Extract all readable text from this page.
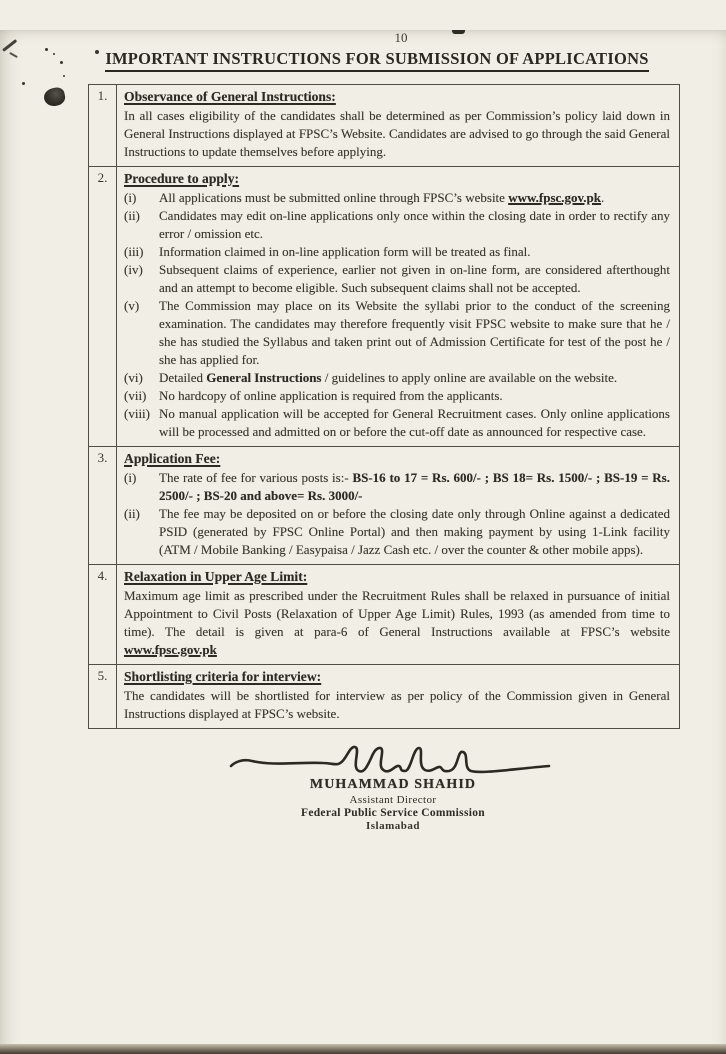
10
IMPORTANT INSTRUCTIONS FOR SUBMISSION OF APPLICATIONS
1.	Observance of General Instructions:

In all cases eligibility of the candidates shall be determined as per Commission’s policy laid down in General Instructions displayed at FPSC’s Website. Candidates are advised to go through the said General Instructions to update themselves before applying.

2.	Procedure to apply:
(i)	All applications must be submitted online through FPSC’s website www.fpsc.gov.pk.
(ii)	Candidates may edit on-line applications only once within the closing date in order to rectify any error / omission etc.
(iii)	Information claimed in on-line application form will be treated as final.
(iv)	Subsequent claims of experience, earlier not given in on-line form, are considered afterthought and an attempt to become eligible. Such subsequent claims shall not be accepted.
(v)	The Commission may place on its Website the syllabi prior to the conduct of the screening examination. The candidates may therefore frequently visit FPSC website to make sure that he / she has studied the Syllabus and taken print out of Admission Certificate for test of the post he / she has applied for.
(vi)	Detailed General Instructions / guidelines to apply online are available on the website.
(vii) No hardcopy of online application is required from the applicants.
(viii) No manual application will be accepted for General Recruitment cases. Only online applications will be processed and admitted on or before the cut-off date as announced for respective case.
3.	Application Fee:
(i)	The rate of fee for various posts is:- BS-16 to 17 = Rs. 600/- ; BS 18= Rs. 1500/- ; BS-19 = Rs. 2500/- ; BS-20 and above= Rs. 3000/-
(ii)	The fee may be deposited on or before the closing date only through Online against a dedicated PSID (generated by FPSC Online Portal) and then making payment by using 1-Link facility (ATM / Mobile Banking / Easypaisa / Jazz Cash etc. / over the counter & other mobile apps).
4.	Relaxation in Upper Age Limit:

Maximum age limit as prescribed under the Recruitment Rules shall be relaxed in pursuance of initial Appointment to Civil Posts (Relaxation of Upper Age Limit) Rules, 1993 (as amended from time to time). The detail is given at para-6 of General Instructions available at FPSC’s website www.fpsc.gov.pk

5.	Shortlisting criteria for interview:

The candidates will be shortlisted for interview as per policy of the Commission given in General Instructions displayed at FPSC’s website.

MUHAMMAD SHAHID
Assistant Director
Federal Public Service Commission
Islamabad
